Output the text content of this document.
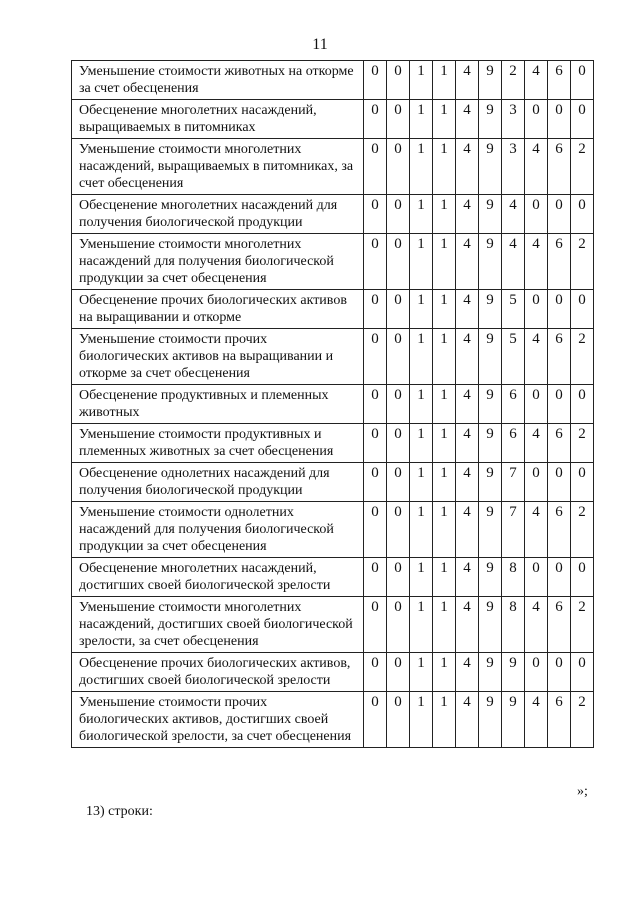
11
Уменьшение стоимости животных на откорме за счет обесценения	0	0	1	1	4	9	2	4	6	0
Обесценение многолетних насаждений, выращиваемых в питомниках	0	0	1	1	4	9	3	0	0	0
Уменьшение стоимости многолетних насаждений, выращиваемых в питомниках, за счет обесценения	0	0	1	1	4	9	3	4	6	2
Обесценение многолетних насаждений для получения биологической продукции	0	0	1	1	4	9	4	0	0	0
Уменьшение стоимости многолетних насаждений для получения биологической продукции за счет обесценения	0	0	1	1	4	9	4	4	6	2
Обесценение прочих биологических активов на выращивании и откорме	0	0	1	1	4	9	5	0	0	0
Уменьшение стоимости прочих биологических активов на выращивании и откорме за счет обесценения	0	0	1	1	4	9	5	4	6	2
Обесценение продуктивных и племенных животных	0	0	1	1	4	9	6	0	0	0
Уменьшение стоимости продуктивных и племенных животных за счет обесценения	0	0	1	1	4	9	6	4	6	2
Обесценение однолетних насаждений для получения биологической продукции	0	0	1	1	4	9	7	0	0	0
Уменьшение стоимости однолетних насаждений для получения биологической продукции за счет обесценения	0	0	1	1	4	9	7	4	6	2
Обесценение многолетних насаждений, достигших своей биологической зрелости	0	0	1	1	4	9	8	0	0	0
Уменьшение стоимости многолетних насаждений, достигших своей биологической зрелости, за счет обесценения	0	0	1	1	4	9	8	4	6	2
Обесценение прочих биологических активов, достигших своей биологической зрелости	0	0	1	1	4	9	9	0	0	0
Уменьшение стоимости прочих биологических активов, достигших своей биологической зрелости, за счет обесценения	0	0	1	1	4	9	9	4	6	2
»;
13) строки:
